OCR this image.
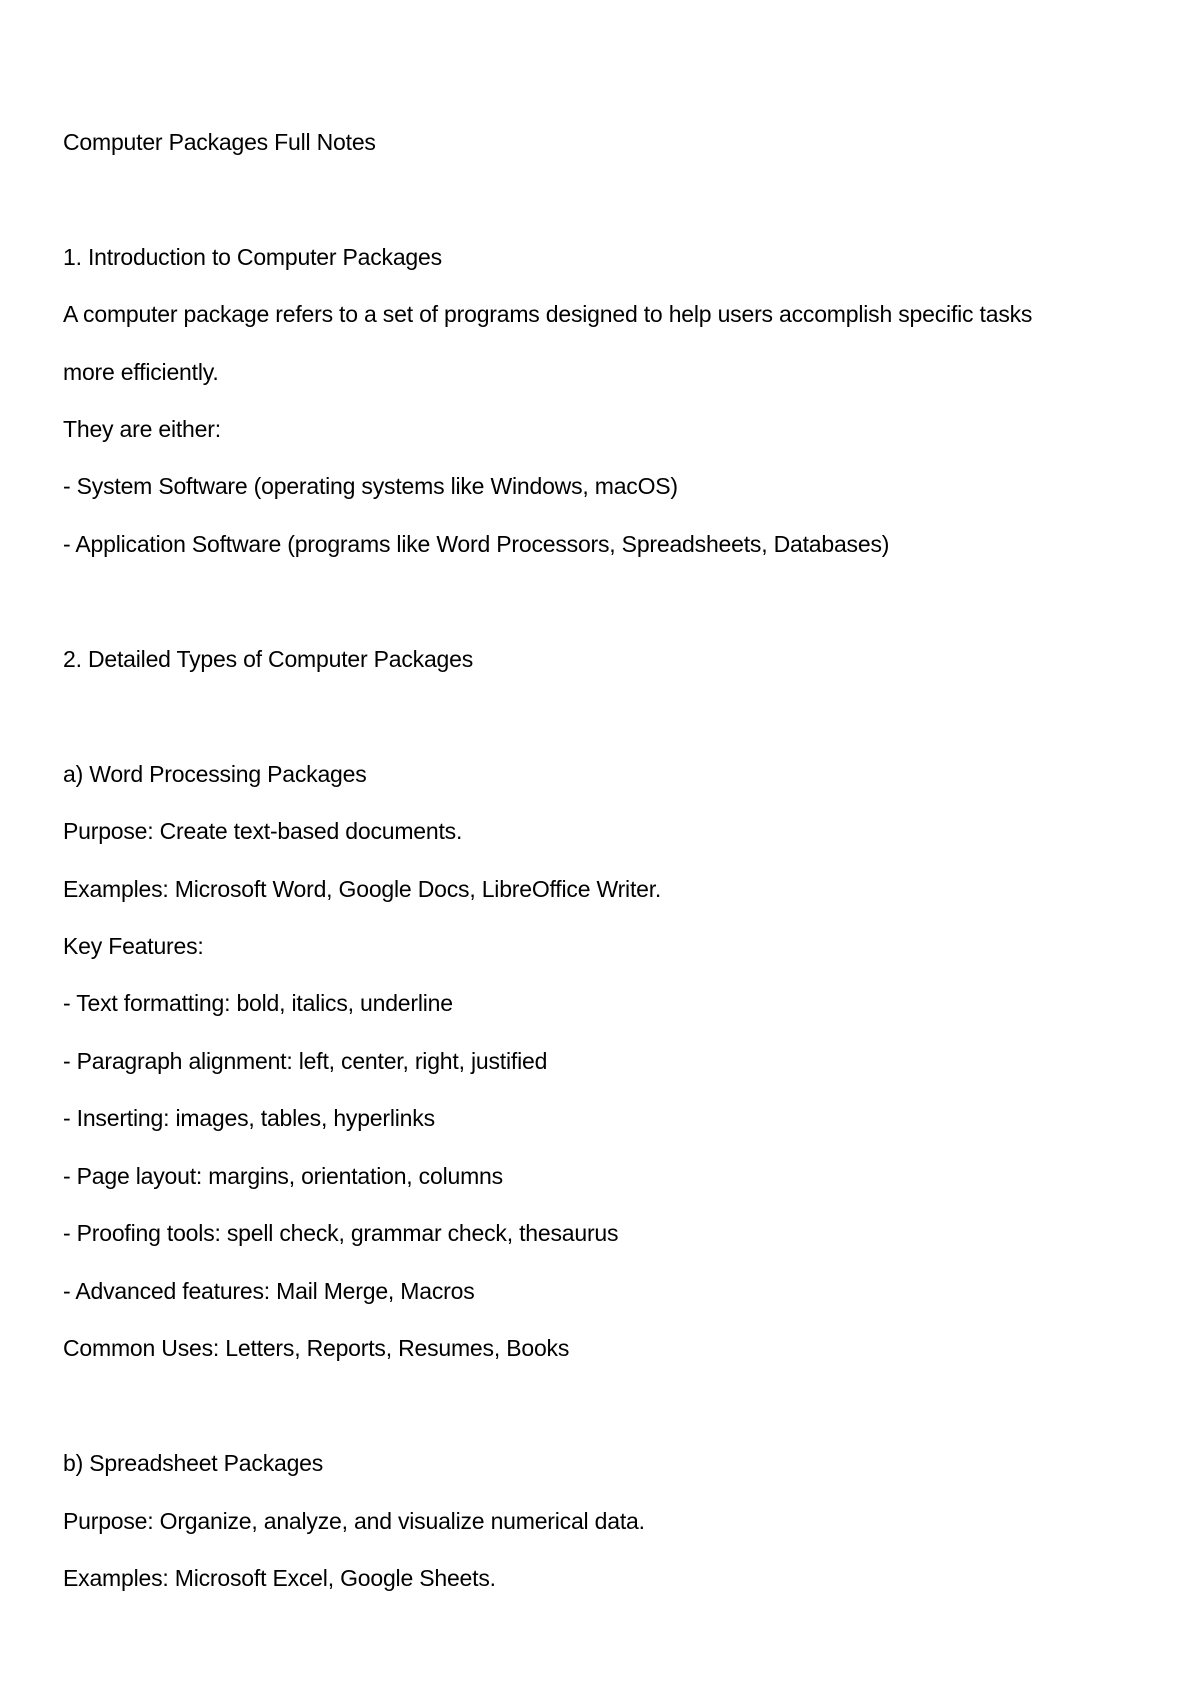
Computer Packages Full Notes
1. Introduction to Computer Packages
A computer package refers to a set of programs designed to help users accomplish specific tasks
more efficiently.
They are either:
- System Software (operating systems like Windows, macOS)
- Application Software (programs like Word Processors, Spreadsheets, Databases)
2. Detailed Types of Computer Packages
a) Word Processing Packages
Purpose: Create text-based documents.
Examples: Microsoft Word, Google Docs, LibreOffice Writer.
Key Features:
- Text formatting: bold, italics, underline
- Paragraph alignment: left, center, right, justified
- Inserting: images, tables, hyperlinks
- Page layout: margins, orientation, columns
- Proofing tools: spell check, grammar check, thesaurus
- Advanced features: Mail Merge, Macros
Common Uses: Letters, Reports, Resumes, Books
b) Spreadsheet Packages
Purpose: Organize, analyze, and visualize numerical data.
Examples: Microsoft Excel, Google Sheets.
